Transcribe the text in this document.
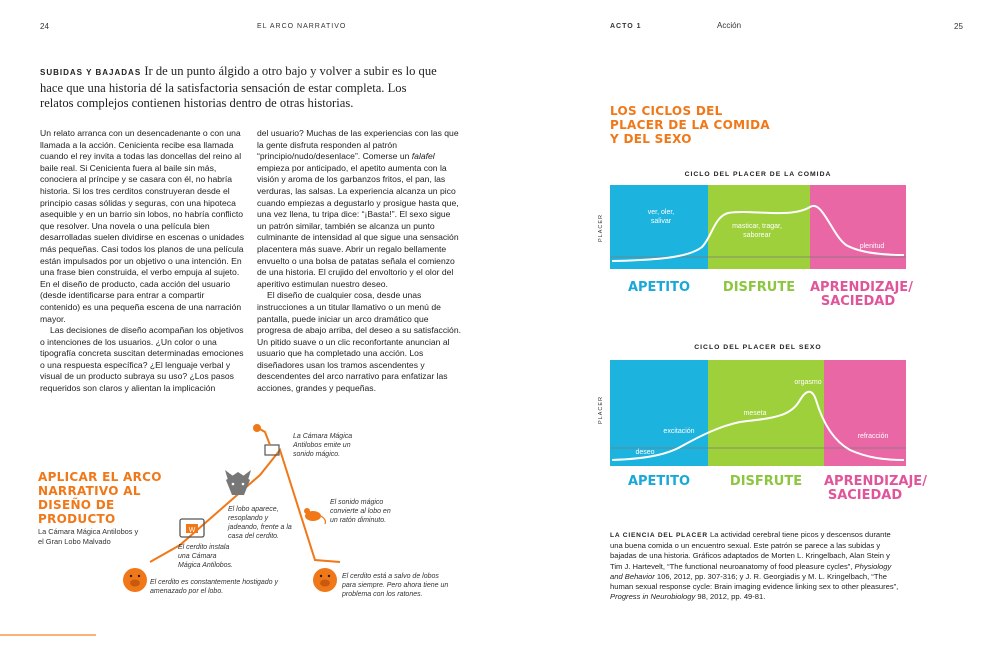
24	EL ARCO NARRATIVO	ACTO 1	Acción	25
SUBIDAS Y BAJADAS Ir de un punto álgido a otro bajo y volver a subir es lo que hace que una historia dé la satisfactoria sensación de estar completa. Los relatos complejos contienen historias dentro de otras historias.

Un relato arranca con un desencadenante o con una llamada a la acción. Cenicienta recibe esa llamada cuando el rey invita a todas las doncellas del reino al baile real. Si Cenicienta fuera al baile sin más, conociera al príncipe y se casara con él, no habría historia. Si los tres cerditos construyeran desde el principio casas sólidas y seguras, con una hipoteca asequible y en un barrio sin lobos, no habría conflicto que resolver. Una novela o una película bien desarrolladas suelen dividirse en escenas o unidades más pequeñas. Casi todos los planos de una película están impulsados por un objetivo o una intención. En una frase bien construida, el verbo empuja al sujeto. En el diseño de producto, cada acción del usuario (desde identificarse para entrar a compartir contenido) es una pequeña escena de una narración mayor.

Las decisiones de diseño acompañan los objetivos o intenciones de los usuarios. ¿Un color o una tipografía concreta suscitan determinadas emociones o una respuesta específica? ¿El lenguaje verbal y visual de un producto subraya su uso? ¿Los pasos requeridos son claros y alientan la implicación

del usuario? Muchas de las experiencias con las que la gente disfruta responden al patrón “principio/nudo/desenlace”. Comerse un falafel empieza por anticipado, el apetito aumenta con la visión y aroma de los garbanzos fritos, el pan, las verduras, las salsas. La experiencia alcanza un pico cuando empiezas a degustarlo y prosigue hasta que, una vez llena, tu tripa dice: “¡Basta!”. El sexo sigue un patrón similar, también se alcanza un punto culminante de intensidad al que sigue una sensación placentera más suave. Abrir un regalo bellamente envuelto o una bolsa de patatas señala el comienzo de una historia. El crujido del envoltorio y el olor del aperitivo estimulan nuestro deseo.

El diseño de cualquier cosa, desde unas instrucciones a un titular llamativo o un menú de pantalla, puede iniciar un arco dramático que progresa de abajo arriba, del deseo a su satisfacción. Un pitido suave o un clic reconfortante anuncian al usuario que ha completado una acción. Los diseñadores usan los tramos ascendentes y descendentes del arco narrativo para enfatizar las acciones, grandes y pequeñas.

APLICAR EL ARCO NARRATIVO AL DISEÑO DE PRODUCTO
La Cámara Mágica Antilobos y el Gran Lobo Malvado
W
La Cámara Mágica Antilobos emite un sonido mágico.
El lobo aparece, resoplando y jadeando, frente a la casa del cerdito.
El sonido mágico convierte al lobo en un ratón diminuto.
El cerdito instala una Cámara Mágica Antilobos.
El cerdito es constantemente hostigado y amenazado por el lobo.
El cerdito está a salvo de lobos para siempre. Pero ahora tiene un problema con los ratones.
LOS CICLOS DEL PLACER DE LA COMIDA Y DEL SEXO
CICLO DEL PLACER DE LA COMIDA
PLACER
ver, oler, salivar
masticar, tragar, saborear
plenitud
APETITO	DISFRUTE	APRENDIZAJE/ SACIEDAD
CICLO DEL PLACER DEL SEXO
PLACER
deseo
excitación
meseta
orgasmo
refracción
APETITO	DISFRUTE	APRENDIZAJE/ SACIEDAD
LA CIENCIA DEL PLACER La actividad cerebral tiene picos y descensos durante una buena comida o un encuentro sexual. Este patrón se parece a las subidas y bajadas de una historia. Gráficos adaptados de Morten L. Kringelbach, Alan Stein y Tim J. Hartevelt, “The functional neuroanatomy of food pleasure cycles”, Physiology and Behavior 106, 2012, pp. 307-316; y J. R. Georgiadis y M. L. Kringelbach, “The human sexual response cycle: Brain imaging evidence linking sex to other pleasures”, Progress in Neurobiology 98, 2012, pp. 49-81.
